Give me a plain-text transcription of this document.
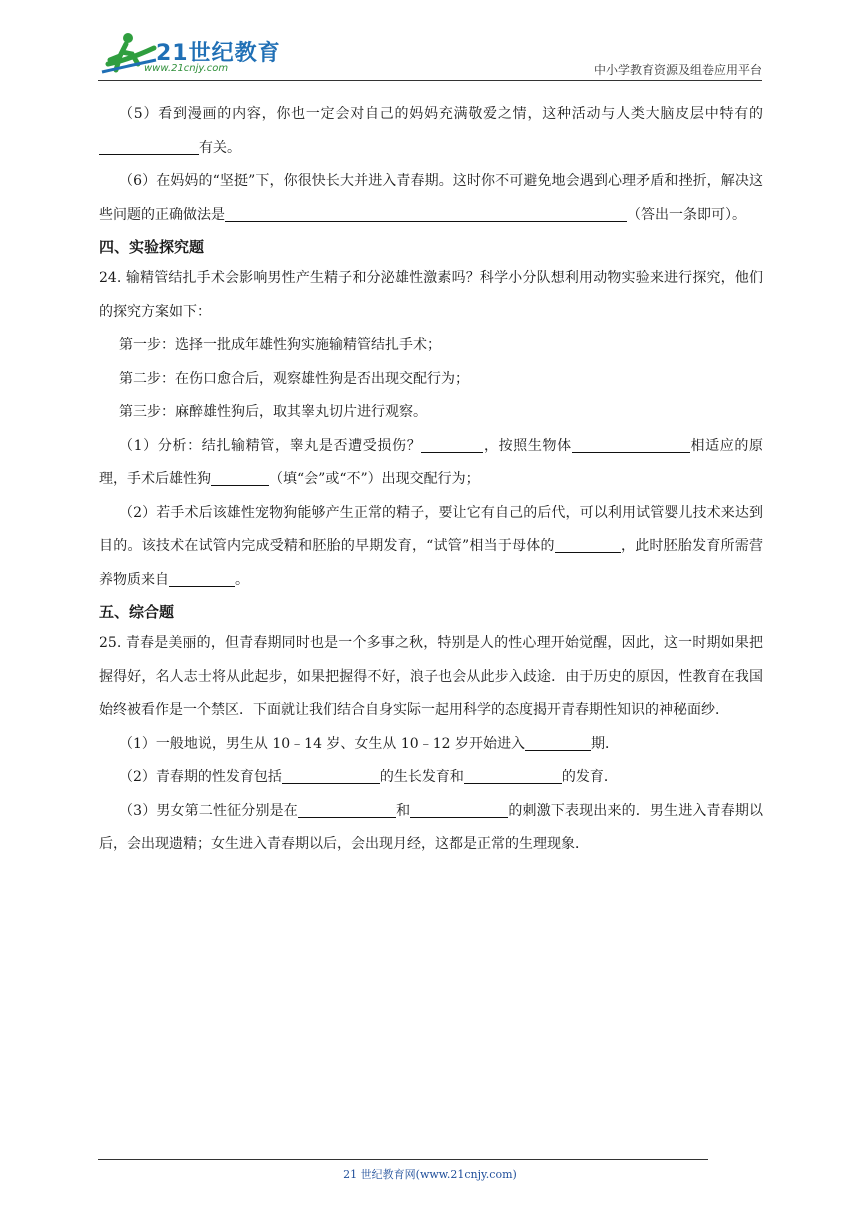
21世纪教育
www.21cnjy.com	中小学教育资源及组卷应用平台

（5）看到漫画的内容，你也一定会对自己的妈妈充满敬爱之情，这种活动与人类大脑皮层中特有的有关。

（6）在妈妈的“坚挺”下，你很快长大并进入青春期。这时你不可避免地会遇到心理矛盾和挫折，解决这些问题的正确做法是	（答出一条即可）。

四、实验探究题

24. 输精管结扎手术会影响男性产生精子和分泌雄性激素吗？科学小分队想利用动物实验来进行探究，他们的探究方案如下：

第一步：选择一批成年雄性狗实施输精管结扎手术；

第二步：在伤口愈合后，观察雄性狗是否出现交配行为；

第三步：麻醉雄性狗后，取其睾丸切片进行观察。

（1）分析：结扎输精管，睾丸是否遭受损伤？	，按照生物体	相适应的原理，手术后雄性狗	（填“会”或“不”）出现交配行为；

（2）若手术后该雄性宠物狗能够产生正常的精子，要让它有自己的后代，可以利用试管婴儿技术来达到目的。该技术在试管内完成受精和胚胎的早期发育，“试管”相当于母体的	，此时胚胎发育所需营养物质来自	。

五、综合题

25. 青春是美丽的，但青春期同时也是一个多事之秋，特别是人的性心理开始觉醒，因此，这一时期如果把握得好，名人志士将从此起步，如果把握得不好，浪子也会从此步入歧途．由于历史的原因，性教育在我国始终被看作是一个禁区．下面就让我们结合自身实际一起用科学的态度揭开青春期性知识的神秘面纱．

（1）一般地说，男生从 10﹣14 岁、女生从 10﹣12 岁开始进入	期．

（2）青春期的性发育包括	的生长发育和	的发育．

（3）男女第二性征分别是在	和	的刺激下表现出来的．男生进入青春期以后，会出现遗精；女生进入青春期以后，会出现月经，这都是正常的生理现象．

21 世纪教育网(www.21cnjy.com)
